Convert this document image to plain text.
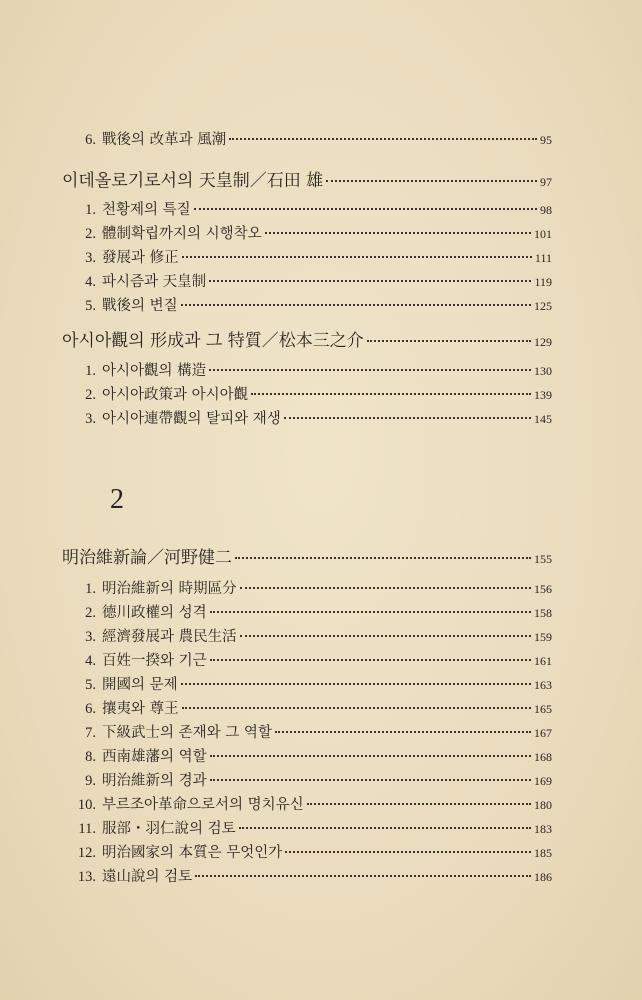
6. 戰後의 改革과 風潮	95
이데올로기로서의 天皇制／石田 雄	97
1. 천황제의 특질	98
2. 體制확립까지의 시행착오	101
3. 發展과 修正	111
4. 파시즘과 天皇制	119
5. 戰後의 변질	125
아시아觀의 形成과 그 特質／松本三之介	129
1. 아시아觀의 構造	130
2. 아시아政策과 아시아觀	139
3. 아시아連帶觀의 탈피와 재생	145
2
明治維新論／河野健二	155
1. 明治維新의 時期區分	156
2. 德川政權의 성격	158
3. 經濟發展과 農民生活	159
4. 百姓一揆와 기근	161
5. 開國의 문제	163
6. 攘夷와 尊王	165
7. 下級武士의 존재와 그 역할	167
8. 西南雄藩의 역할	168
9. 明治維新의 경과	169
10. 부르조아革命으로서의 명치유신	180
11. 服部・羽仁說의 검토	183
12. 明治國家의 本質은 무엇인가	185
13. 遠山說의 검토	186
